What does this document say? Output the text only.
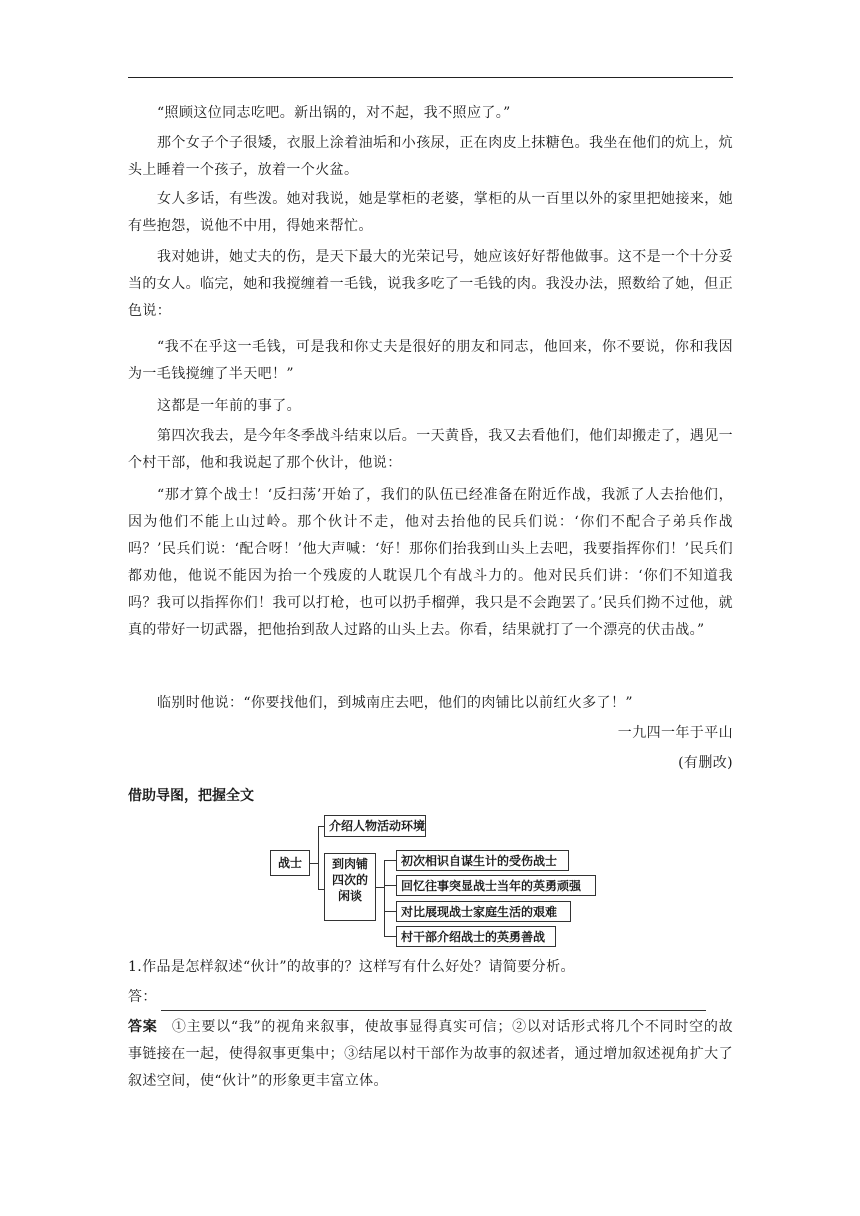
“照顾这位同志吃吧。新出锅的，对不起，我不照应了。”

那个女子个子很矮，衣服上涂着油垢和小孩尿，正在肉皮上抹糖色。我坐在他们的炕上，炕头上睡着一个孩子，放着一个火盆。

女人多话，有些泼。她对我说，她是掌柜的老婆，掌柜的从一百里以外的家里把她接来，她有些抱怨，说他不中用，得她来帮忙。

我对她讲，她丈夫的伤，是天下最大的光荣记号，她应该好好帮他做事。这不是一个十分妥当的女人。临完，她和我搅缠着一毛钱，说我多吃了一毛钱的肉。我没办法，照数给了她，但正色说：

“我不在乎这一毛钱，可是我和你丈夫是很好的朋友和同志，他回来，你不要说，你和我因为一毛钱搅缠了半天吧！”

这都是一年前的事了。

第四次我去，是今年冬季战斗结束以后。一天黄昏，我又去看他们，他们却搬走了，遇见一个村干部，他和我说起了那个伙计，他说：

“那才算个战士！‘反扫荡’开始了，我们的队伍已经准备在附近作战，我派了人去抬他们，因为他们不能上山过岭。那个伙计不走，他对去抬他的民兵们说：‘你们不配合子弟兵作战吗？’民兵们说：‘配合呀！’他大声喊：‘好！那你们抬我到山头上去吧，我要指挥你们！’民兵们都劝他，他说不能因为抬一个残废的人耽误几个有战斗力的。他对民兵们讲：‘你们不知道我吗？我可以指挥你们！我可以打枪，也可以扔手榴弹，我只是不会跑罢了。’民兵们拗不过他，就真的带好一切武器，把他抬到敌人过路的山头上去。你看，结果就打了一个漂亮的伏击战。”

临别时他说：“你要找他们，到城南庄去吧，他们的肉铺比以前红火多了！”

一九四一年于平山
(有删改)
借助导图，把握全文
战士
介绍人物活动环境
到肉铺四次的闲谈
初次相识自谋生计的受伤战士
回忆往事突显战士当年的英勇顽强
对比展现战士家庭生活的艰难
村干部介绍战士的英勇善战

1.作品是怎样叙述“伙计”的故事的？这样写有什么好处？请简要分析。

答：

答案 ①主要以“我”的视角来叙事，使故事显得真实可信；②以对话形式将几个不同时空的故事链接在一起，使得叙事更集中；③结尾以村干部作为故事的叙述者，通过增加叙述视角扩大了叙述空间，使“伙计”的形象更丰富立体。
